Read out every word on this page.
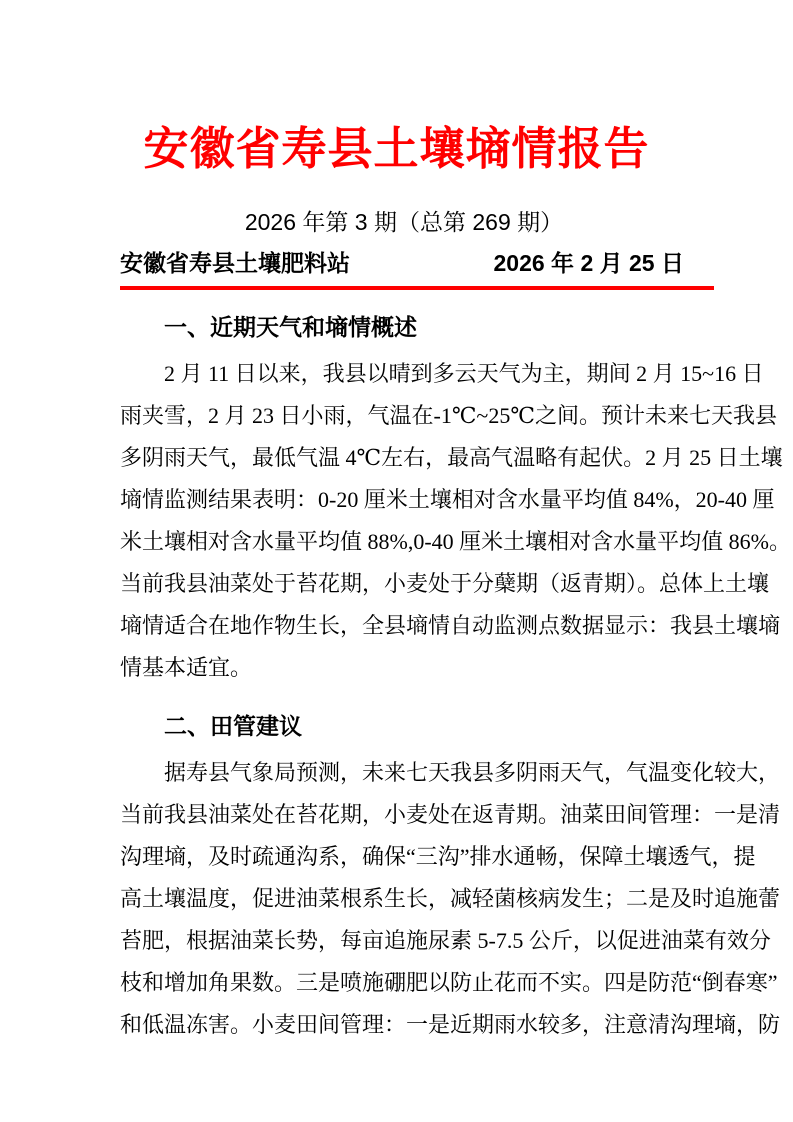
安徽省寿县土壤墒情报告
2026 年第 3 期（总第 269 期）
安徽省寿县土壤肥料站	2026 年 2 月 25 日
一、近期天气和墒情概述
2 月 11 日以来，我县以晴到多云天气为主，期间 2 月 15~16 日
雨夹雪，2 月 23 日小雨，气温在-1℃~25℃之间。预计未来七天我县
多阴雨天气，最低气温 4℃左右，最高气温略有起伏。2 月 25 日土壤
墒情监测结果表明：0-20 厘米土壤相对含水量平均值 84%，20-40 厘
米土壤相对含水量平均值 88%,0-40 厘米土壤相对含水量平均值 86%。
当前我县油菜处于苔花期，小麦处于分蘖期（返青期）。总体上土壤
墒情适合在地作物生长，全县墒情自动监测点数据显示：我县土壤墒
情基本适宜。
二、田管建议
据寿县气象局预测，未来七天我县多阴雨天气，气温变化较大，
当前我县油菜处在苔花期，小麦处在返青期。油菜田间管理：一是清
沟理墒，及时疏通沟系，确保“三沟”排水通畅，保障土壤透气，提
高土壤温度，促进油菜根系生长，减轻菌核病发生；二是及时追施蕾
苔肥，根据油菜长势，每亩追施尿素 5-7.5 公斤，以促进油菜有效分
枝和增加角果数。三是喷施硼肥以防止花而不实。四是防范“倒春寒”
和低温冻害。小麦田间管理：一是近期雨水较多，注意清沟理墒，防
